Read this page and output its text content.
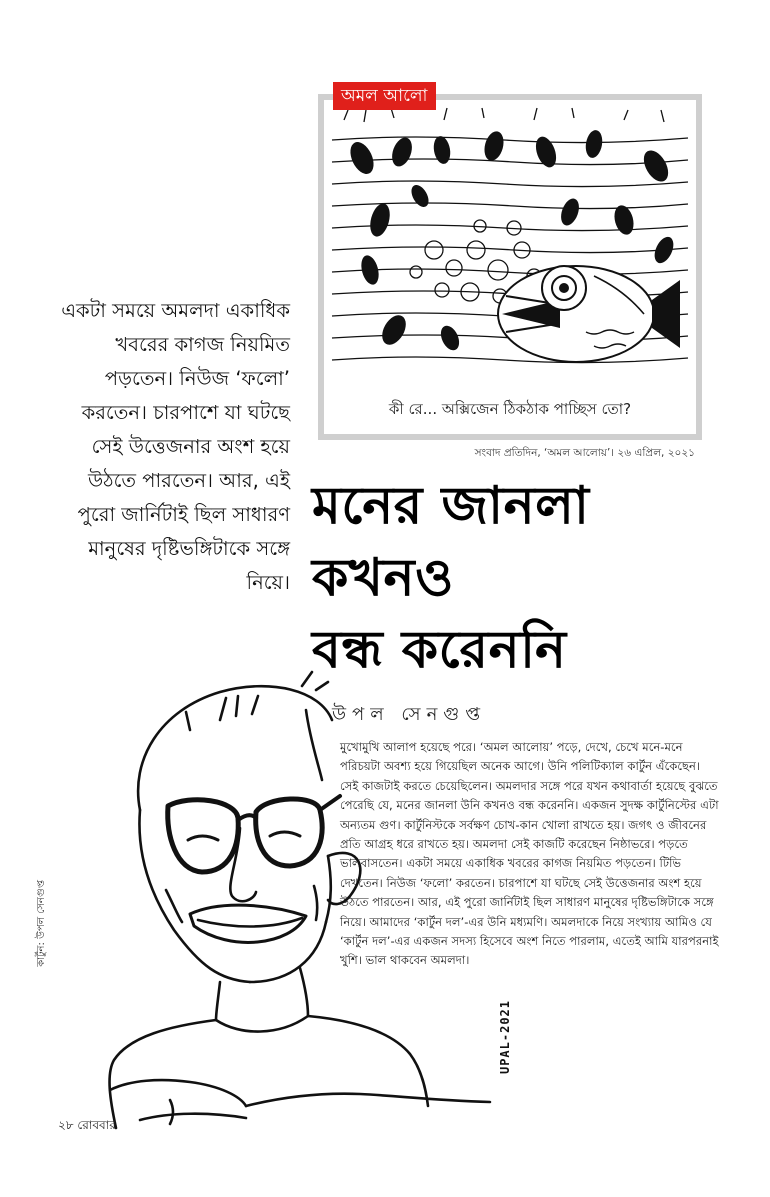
অমল আলো
কী রে... অক্সিজেন ঠিকঠাক পাচ্ছিস তো?
সংবাদ প্রতিদিন, ‘অমল আলোয়’। ২৬ এপ্রিল, ২০২১
একটা সময়ে অমলদা একাধিক খবরের কাগজ নিয়মিত পড়তেন। নিউজ ‘ফলো’ করতেন। চারপাশে যা ঘটছে সেই উত্তেজনার অংশ হয়ে উঠতে পারতেন। আর, এই পুরো জার্নিটাই ছিল সাধারণ মানুষের দৃষ্টিভঙ্গিটাকে সঙ্গে নিয়ে।
মনের জানলা
কখনও
বন্ধ করেননি
উপল সেনগুপ্ত
কার্টুন: উপল সেনগুপ্ত
UPAL-2021

মুখোমুখি আলাপ হয়েছে পরে। ‘অমল আলোয়’ পড়ে, দেখে, চেখে মনে-মনে পরিচয়টা অবশ্য হয়ে গিয়েছিল অনেক আগে। উনি পলিটিক্যাল কার্টুন এঁকেছেন। সেই কাজটাই করতে চেয়েছিলেন। অমলদার সঙ্গে পরে যখন কথাবার্তা হয়েছে বুঝতে পেরেছি যে, মনের জানলা উনি কখনও বন্ধ করেননি। একজন সুদক্ষ কার্টুনিস্টের এটা অন্যতম গুণ। কার্টুনিস্টকে সর্বক্ষণ চোখ-কান খোলা রাখতে হয়। জগৎ ও জীবনের প্রতি আগ্রহ ধরে রাখতে হয়। অমলদা সেই কাজটি করেছেন নিষ্ঠাভরে। পড়তে ভালবাসতেন। একটা সময়ে একাধিক খবরের কাগজ নিয়মিত পড়তেন। টিভি দেখতেন। নিউজ ‘ফলো’ করতেন। চারপাশে যা ঘটছে সেই উত্তেজনার অংশ হয়ে উঠতে পারতেন। আর, এই পুরো জার্নিটাই ছিল সাধারণ মানুষের দৃষ্টিভঙ্গিটাকে সঙ্গে নিয়ে। আমাদের ‘কার্টুন দল’-এর উনি মধ্যমণি। অমলদাকে নিয়ে সংখ্যায় আমিও যে ‘কার্টুন দল’-এর একজন সদস্য হিসেবে অংশ নিতে পারলাম, এতেই আমি যারপরনাই খুশি। ভাল থাকবেন অমলদা।

২৮ রোববার
